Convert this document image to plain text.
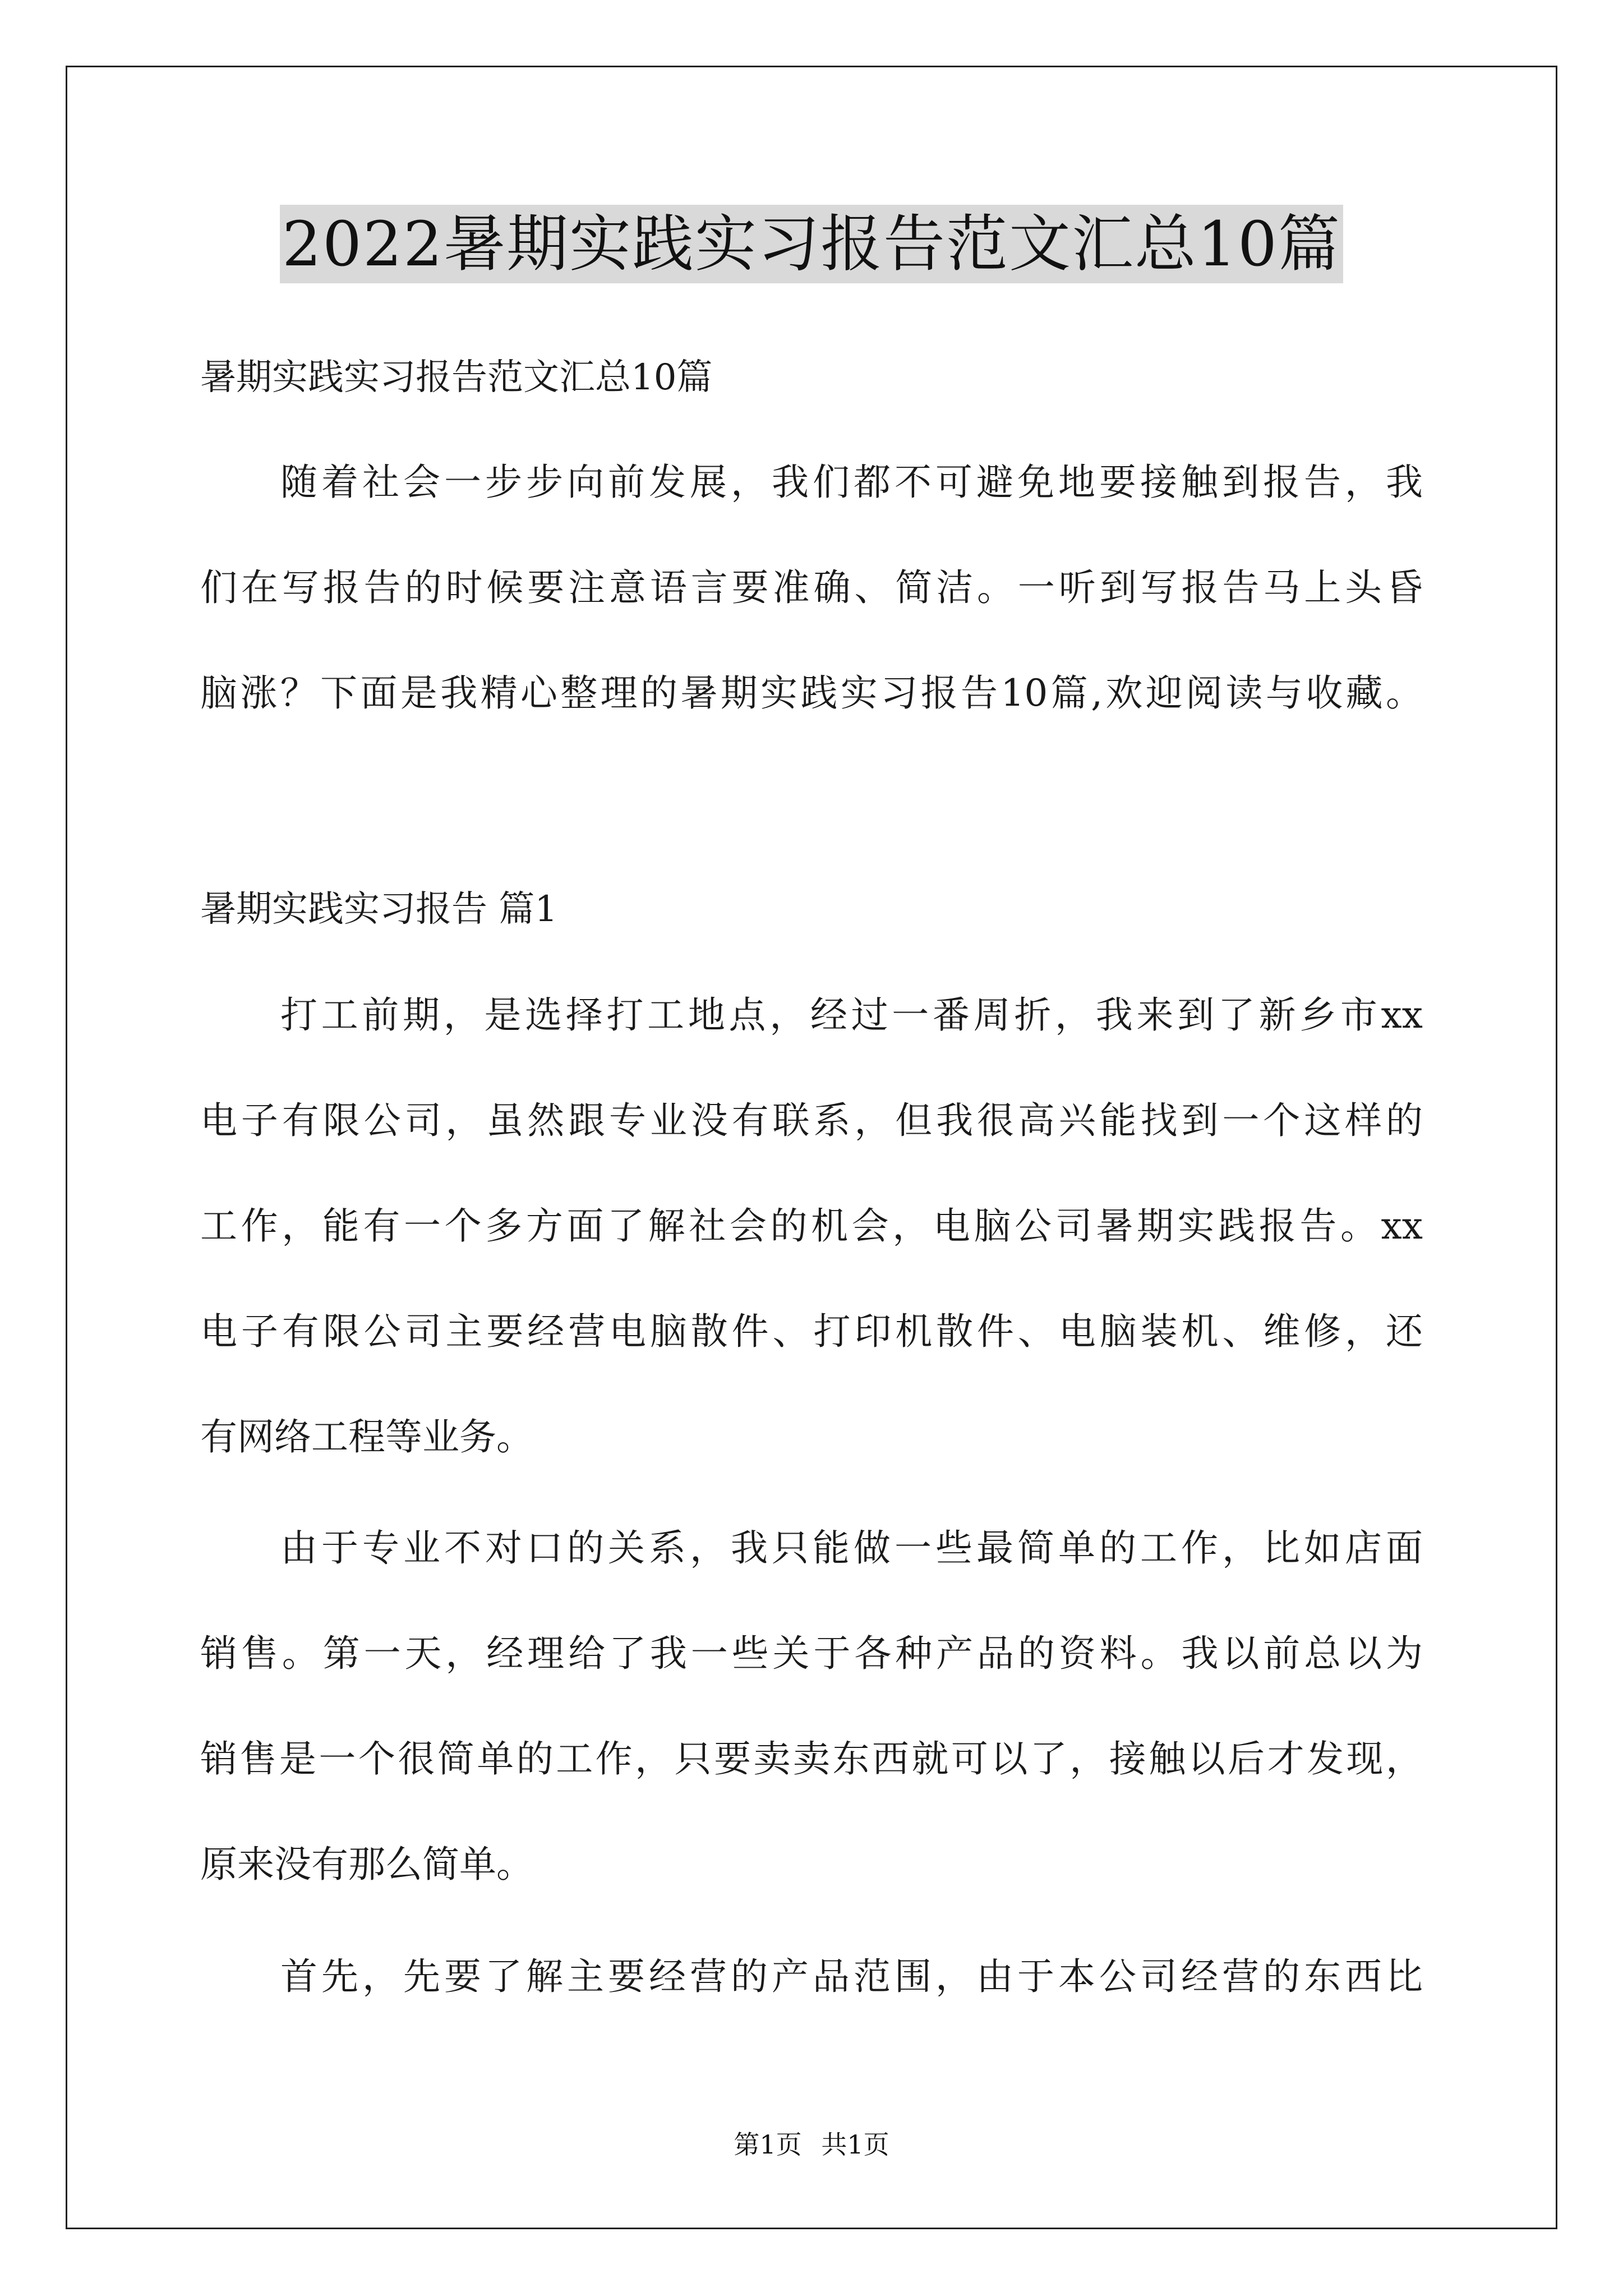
2022暑期实践实习报告范文汇总10篇
暑期实践实习报告范文汇总10篇
随着社会一步步向前发展，我们都不可避免地要接触到报告，我
们在写报告的时候要注意语言要准确、简洁。一听到写报告马上头昏
脑涨？下面是我精心整理的暑期实践实习报告10篇,欢迎阅读与收藏。
暑期实践实习报告 篇1
打工前期，是选择打工地点，经过一番周折，我来到了新乡市xx
电子有限公司，虽然跟专业没有联系，但我很高兴能找到一个这样的
工作，能有一个多方面了解社会的机会，电脑公司暑期实践报告。xx
电子有限公司主要经营电脑散件、打印机散件、电脑装机、维修，还
有网络工程等业务。
由于专业不对口的关系，我只能做一些最简单的工作，比如店面
销售。第一天，经理给了我一些关于各种产品的资料。我以前总以为
销售是一个很简单的工作，只要卖卖东西就可以了，接触以后才发现，
原来没有那么简单。
首先，先要了解主要经营的产品范围，由于本公司经营的东西比
第1页 共1页
